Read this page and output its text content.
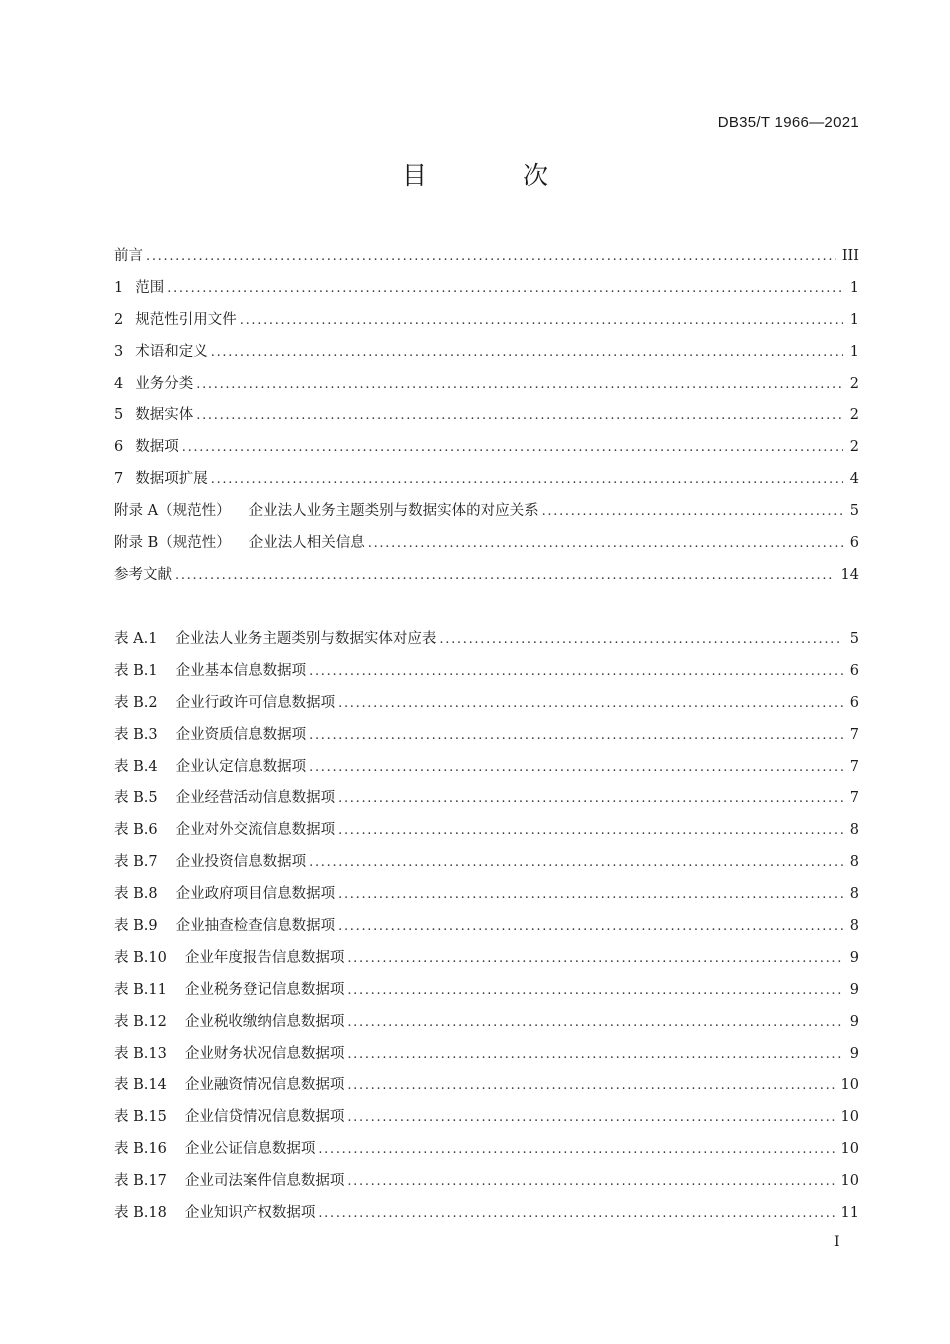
DB35/T 1966—2021
目 次
前言 .....	III
1 范围 .....	1
2 规范性引用文件 .....	1
3 术语和定义 .....	1
4 业务分类 .....	2
5 数据实体 .....	2
6 数据项 .....	2
7 数据项扩展 .....	4
附录 A（规范性） 企业法人业务主题类别与数据实体的对应关系 .....	5
附录 B（规范性） 企业法人相关信息 .....	6
参考文献 .....	14
表 A.1 企业法人业务主题类别与数据实体对应表 .....	5
表 B.1 企业基本信息数据项 .....	6
表 B.2 企业行政许可信息数据项 .....	6
表 B.3 企业资质信息数据项 .....	7
表 B.4 企业认定信息数据项 .....	7
表 B.5 企业经营活动信息数据项 .....	7
表 B.6 企业对外交流信息数据项 .....	8
表 B.7 企业投资信息数据项 .....	8
表 B.8 企业政府项目信息数据项 .....	8
表 B.9 企业抽查检查信息数据项 .....	8
表 B.10 企业年度报告信息数据项 .....	9
表 B.11 企业税务登记信息数据项 .....	9
表 B.12 企业税收缴纳信息数据项 .....	9
表 B.13 企业财务状况信息数据项 .....	9
表 B.14 企业融资情况信息数据项 .....	10
表 B.15 企业信贷情况信息数据项 .....	10
表 B.16 企业公证信息数据项 .....	10
表 B.17 企业司法案件信息数据项 .....	10
表 B.18 企业知识产权数据项 .....	11
I
